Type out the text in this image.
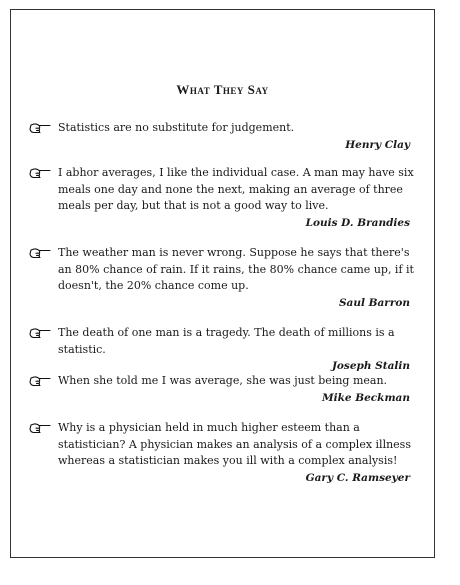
What They Say
Statistics are no substitute for judgement.
Henry Clay
I abhor averages, I like the individual case. A man may have six meals one day and none the next, making an average of three meals per day, but that is not a good way to live.
Louis D. Brandies
The weather man is never wrong. Suppose he says that there's an 80% chance of rain. If it rains, the 80% chance came up, if it doesn't, the 20% chance come up.
Saul Barron
The death of one man is a tragedy. The death of millions is a statistic.
Joseph Stalin
When she told me I was average, she was just being mean.
Mike Beckman
Why is a physician held in much higher esteem than a statistician? A physician makes an analysis of a complex illness whereas a statistician makes you ill with a complex analysis!
Gary C. Ramseyer
